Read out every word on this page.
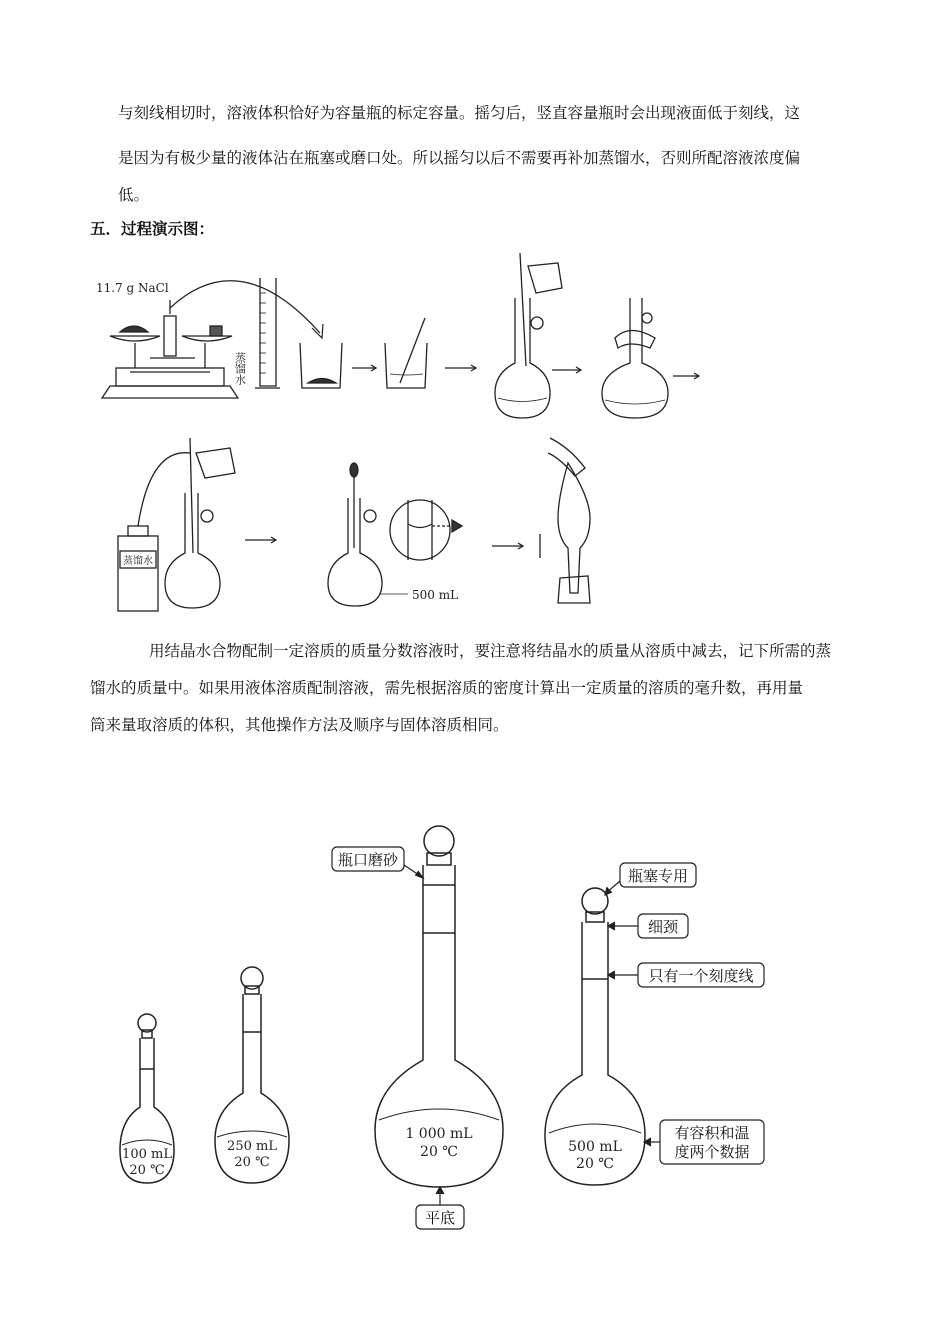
与刻线相切时，溶液体积恰好为容量瓶的标定容量。摇匀后，竖直容量瓶时会出现液面低于刻线，这

是因为有极少量的液体沾在瓶塞或磨口处。所以摇匀以后不需要再补加蒸馏水，否则所配溶液浓度偏

低。

五．过程演示图：

11.7 g NaCl
蒸馏水
蒸馏水
500 mL

用结晶水合物配制一定溶质的质量分数溶液时，要注意将结晶水的质量从溶质中减去，记下所需的蒸

馏水的质量中。如果用液体溶质配制溶液，需先根据溶质的密度计算出一定质量的溶质的毫升数，再用量

筒来量取溶质的体积，其他操作方法及顺序与固体溶质相同。

100 mL
20 ℃
250 mL
20 ℃
1 000 mL
20 ℃	500 mL
20 ℃
瓶口磨砂
瓶塞专用
细颈
只有一个刻度线
有容积和温
度两个数据
平底
